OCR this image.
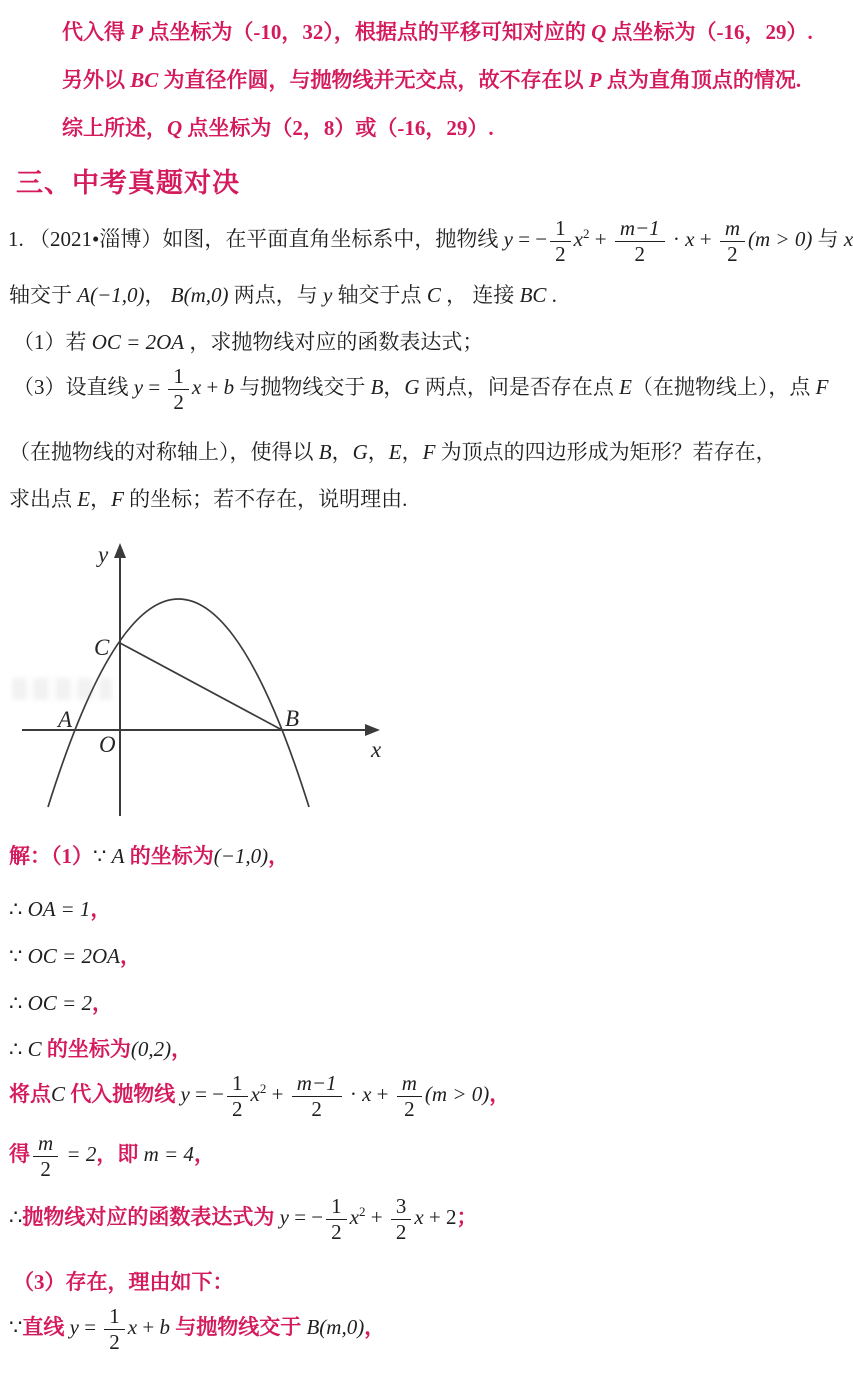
代入得 P 点坐标为（-10，32），根据点的平移可知对应的 Q 点坐标为（-16，29）.
另外以 BC 为直径作圆，与抛物线并无交点，故不存在以 P 点为直角顶点的情况.
综上所述，Q 点坐标为（2，8）或（-16，29）.
三、中考真题对决
1. （2021•淄博）如图，在平面直角坐标系中，抛物线 y = − $\frac{1}{2} x^2 + \frac{m-1}{2} \cdot x + \frac{m}{2} (m > 0)$ 与 x
轴交于 A(−1,0)， B(m,0) 两点，与 y 轴交于点 C ， 连接 BC .
（1）若 OC = 2OA ，求抛物线对应的函数表达式；
（3）设直线 $y = \frac{1}{2}$ x + b 与抛物线交于 B，G 两点，问是否存在点 E（在抛物线上），点 F
（在抛物线的对称轴上），使得以 B，G，E，F 为顶点的四边形成为矩形？若存在，
求出点 E，F 的坐标；若不存在，说明理由.
y
x
O
C
A	B
解：（1）∵ A 的坐标为(−1,0)，
∴ OA = 1，
∵ OC = 2OA，
∴ OC = 2，
∴ C 的坐标为(0,2)，
将点C 代入抛物线 y = − $\frac{1}{2} x^2 + \frac{m-1}{2} \cdot x + \frac{m}{2} (m > 0)$，
得 $\frac{m}{2} = 2$，即 m = 4，
∴抛物线对应的函数表达式为 y = − $\frac{1}{2} x^2 + \frac{3}{2}$ x + 2；
（3）存在，理由如下：
∵直线 $y = \frac{1}{2}$ x + b 与抛物线交于 B(m,0)，
